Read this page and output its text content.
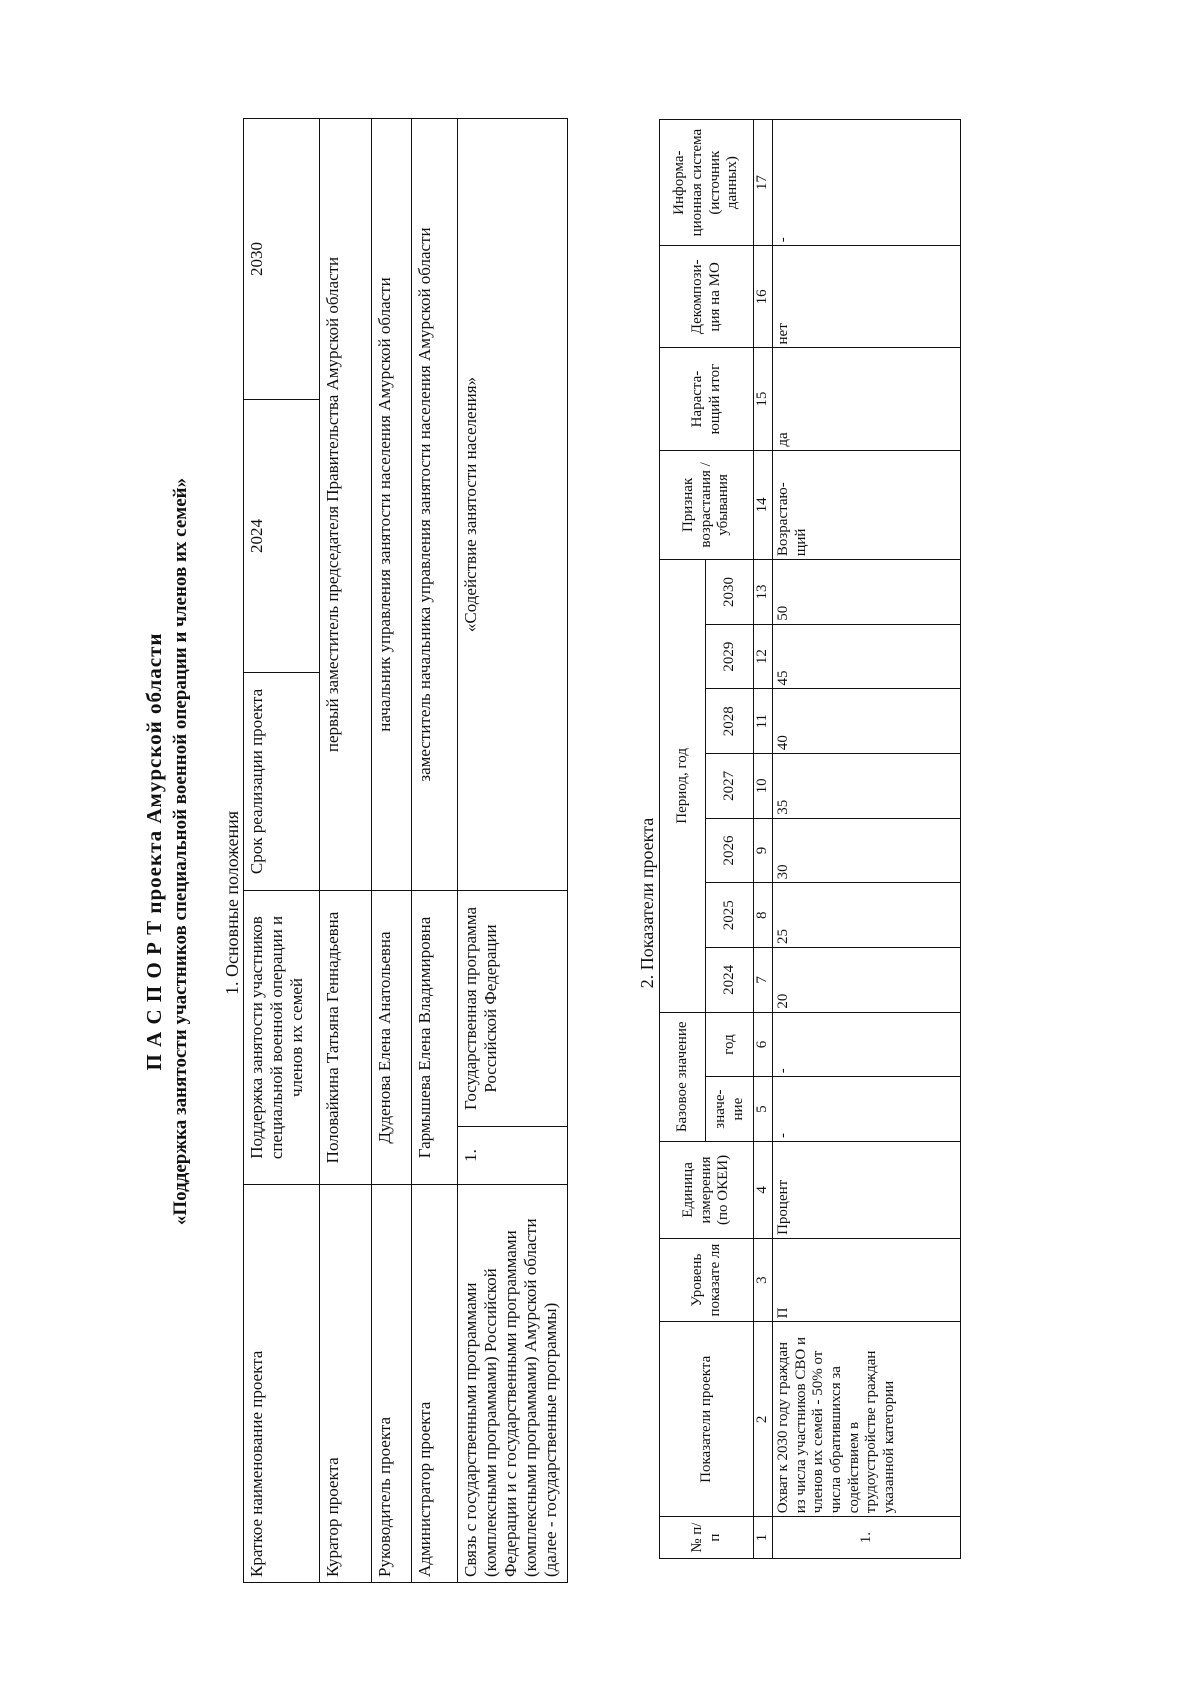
П А С П О Р Т проекта Амурской области «Поддержка занятости участников специальной военной операции и членов их семей» 1. Основные положения
Краткое наименование проекта	Поддержка занятости участников специальной военной операции и членов их семей		Срок реализации проекта	2024	2030
Куратор проекта	Половайкина Татьяна Геннадьевна		первый заместитель председателя Правительства Амурской области		
Руководитель проекта	Дуденова Елена Анатольевна		начальник управления занятости населения Амурской области		
Администратор проекта	Гармышева Елена Владимировна		заместитель начальника управления занятости населения Амурской области		
Связь с государственными программами (комплексными программами) Российской Федерации и с государственными программами (комплексными программами) Амурской области (далее - государственные программы)	1.	Государственная программа Российской Федерации	«Содействие занятости населения»		
2. Показатели проекта
№ п/п	Показатели проекта	Уровень показате ля	Единица измерения (по ОКЕИ)	Базовое значение		Период, год							Признак возрастания /убывания	Нараста- ющий итог	Декомпози- ция на МО	Информа- ционная система (источник данных)
				значе- ние	год	2024	2025	2026	2027	2028	2029	2030				
1	2	3	4	5	6	7	8	9	10	11	12	13	14	15	16	17
1.	Охват к 2030 году граждан из числа участников СВО и членов их семей - 50% от числа обратившихся за содействием в трудоустройстве граждан указанной категории	П	Процент	-	-	20	25	30	35	40	45	50	Возрастаю- щий	да	нет	-
